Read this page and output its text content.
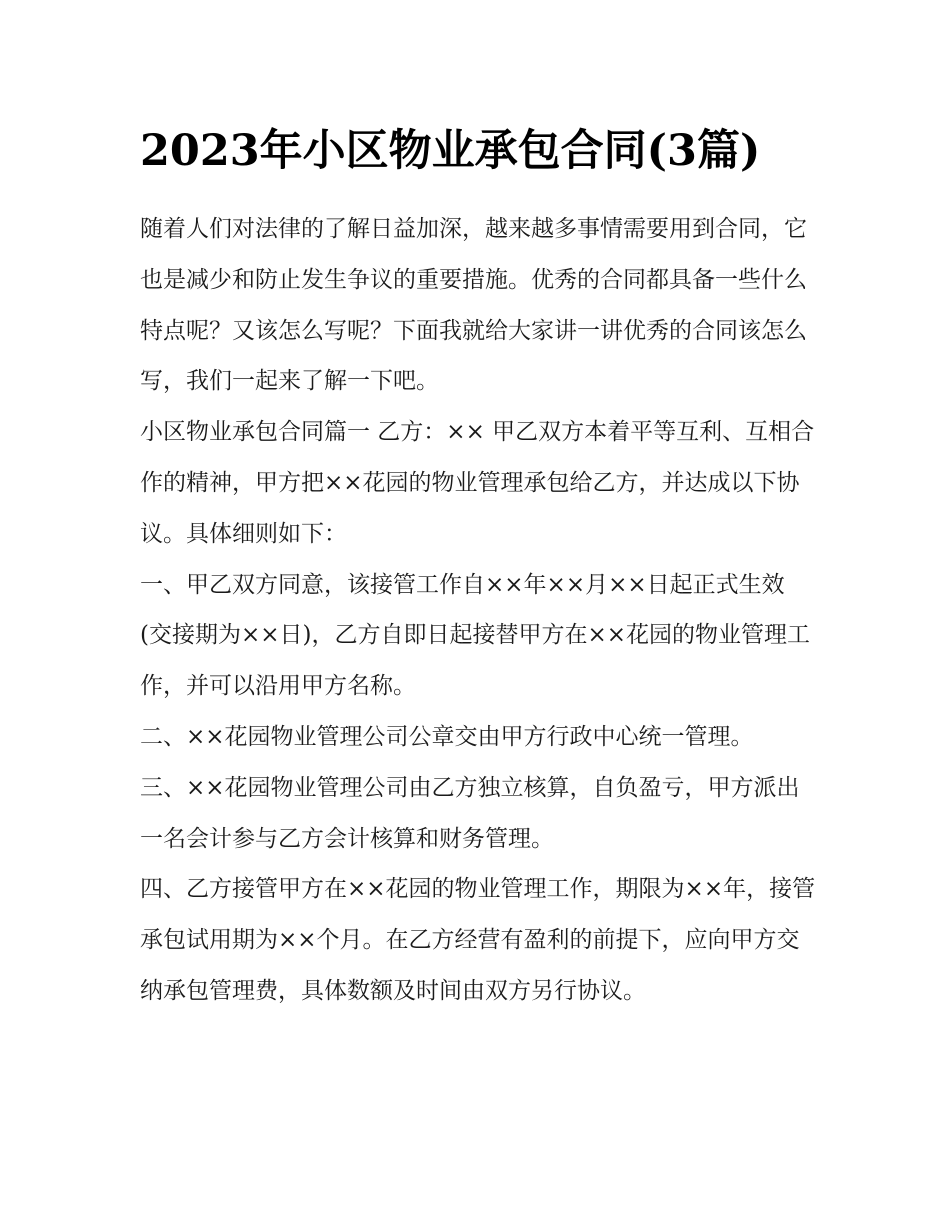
2023年小区物业承包合同(3篇)

随着人们对法律的了解日益加深，越来越多事情需要用到合同，它也是减少和防止发生争议的重要措施。优秀的合同都具备一些什么特点呢？又该怎么写呢？下面我就给大家讲一讲优秀的合同该怎么写，我们一起来了解一下吧。

小区物业承包合同篇一 乙方：×× 甲乙双方本着平等互利、互相合作的精神，甲方把××花园的物业管理承包给乙方，并达成以下协议。具体细则如下：

一、甲乙双方同意，该接管工作自××年××月××日起正式生效(交接期为××日)，乙方自即日起接替甲方在××花园的物业管理工作，并可以沿用甲方名称。

二、××花园物业管理公司公章交由甲方行政中心统一管理。

三、××花园物业管理公司由乙方独立核算，自负盈亏，甲方派出一名会计参与乙方会计核算和财务管理。

四、乙方接管甲方在××花园的物业管理工作，期限为××年，接管承包试用期为××个月。在乙方经营有盈利的前提下，应向甲方交纳承包管理费，具体数额及时间由双方另行协议。
